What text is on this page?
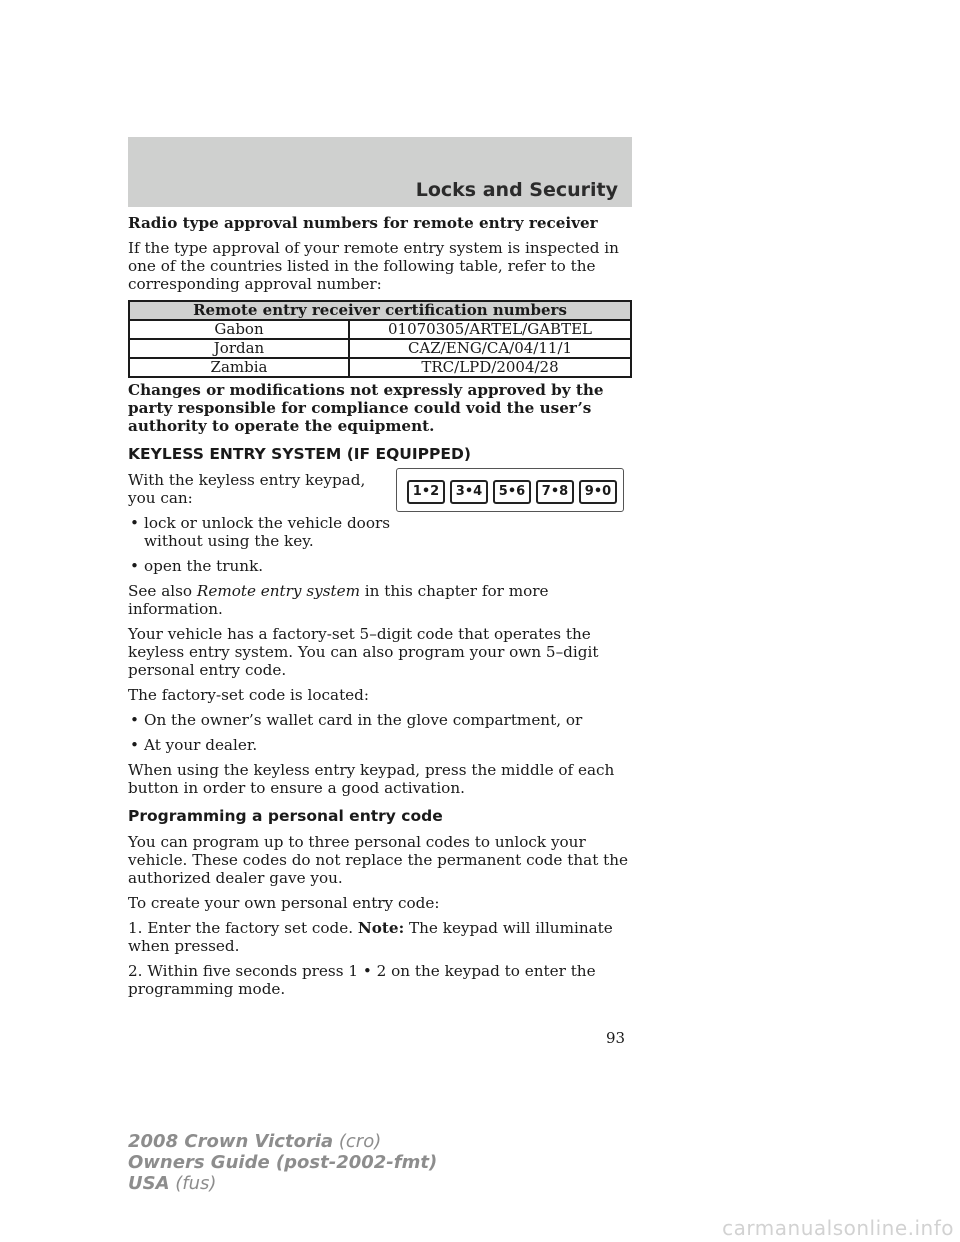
Locks and Security

Radio type approval numbers for remote entry receiver

If the type approval of your remote entry system is inspected in one of the countries listed in the following table, refer to the corresponding approval number:

Remote entry receiver certification numbers	
Gabon	01070305/ARTEL/GABTEL
Jordan	CAZ/ENG/CA/04/11/1
Zambia	TRC/LPD/2004/28

Changes or modifications not expressly approved by the party responsible for compliance could void the user’s authority to operate the equipment.

KEYLESS ENTRY SYSTEM (IF EQUIPPED)

With the keyless entry keypad, you can:

• lock or unlock the vehicle doors without using the key.

• open the trunk.

See also Remote entry system in this chapter for more information.

Your vehicle has a factory-set 5–digit code that operates the keyless entry system. You can also program your own 5–digit personal entry code.

The factory-set code is located:

• On the owner’s wallet card in the glove compartment, or

• At your dealer.

When using the keyless entry keypad, press the middle of each button in order to ensure a good activation.

Programming a personal entry code

You can program up to three personal codes to unlock your vehicle. These codes do not replace the permanent code that the authorized dealer gave you.

To create your own personal entry code:

1. Enter the factory set code. Note: The keypad will illuminate when pressed.

2. Within five seconds press 1 • 2 on the keypad to enter the programming mode.

1•2	3•4	5•6	7•8	9•0
93
2008 Crown Victoria (cro)
Owners Guide (post-2002-fmt)
USA (fus)
carmanualsonline.info
